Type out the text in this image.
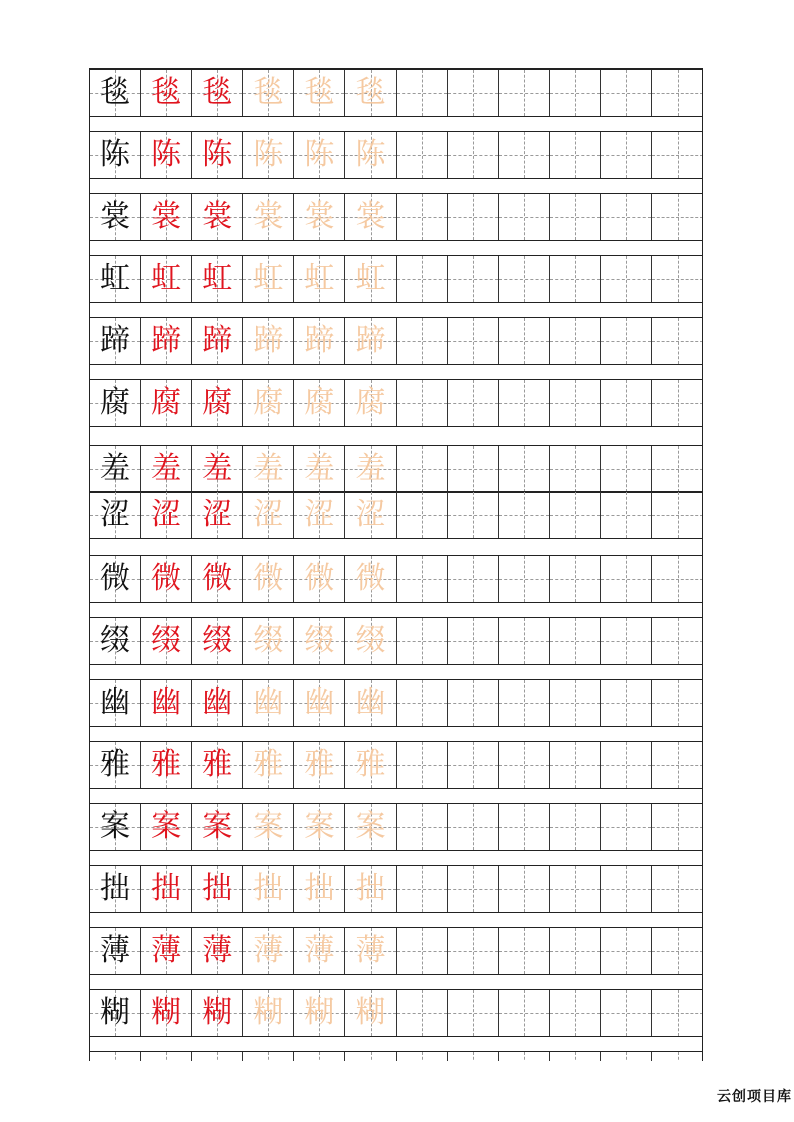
毯 毯 毯 毯 毯 毯
陈 陈 陈 陈 陈 陈
裳 裳 裳 裳 裳 裳
虹 虹 虹 虹 虹 虹
蹄 蹄 蹄 蹄 蹄 蹄
腐 腐 腐 腐 腐 腐
羞 羞 羞 羞 羞 羞
涩 涩 涩 涩 涩 涩
微 微 微 微 微 微
缀 缀 缀 缀 缀 缀
幽 幽 幽 幽 幽 幽
雅 雅 雅 雅 雅 雅
案 案 案 案 案 案
拙 拙 拙 拙 拙 拙
薄 薄 薄 薄 薄 薄
糊 糊 糊 糊 糊 糊
云创项目库
